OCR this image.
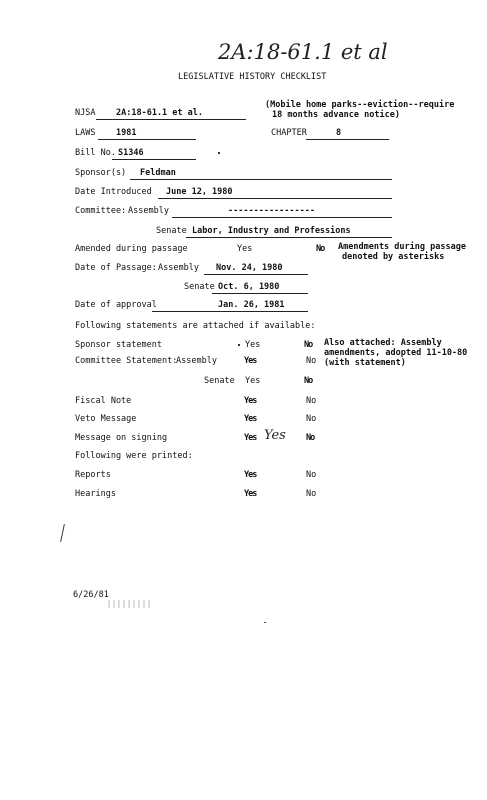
2A:18-61.1 et al
LEGISLATIVE HISTORY CHECKLIST
NJSA 2A:18-61.1 et al.
(Mobile home parks--eviction--require
18 months advance notice)
LAWS 1981	CHAPTER	8
Bill No. S1346
Sponsor(s) Feldman
Date Introduced June 12, 1980
Committee: Assembly	-----------------
Senate Labor, Industry and Professions
Amended during passage	Yes	No Amendments during passage
denoted by asterisks
Date of Passage: Assembly Nov. 24, 1980
Senate Oct. 6, 1980
Date of approval	Jan. 26, 1981
Following statements are attached if available:
Sponsor statement	Yes	No Also attached: Assembly
amendments, adopted 11-10-80
(with statement)
Committee Statement:
Assembly	Yes	No
Senate Yes	No
Fiscal Note	Yes	No
Veto Message	Yes	No
Message on signing	Yes Yes No
Following were printed:
Reports	Yes	No
Hearings	Yes	No
6/26/81
